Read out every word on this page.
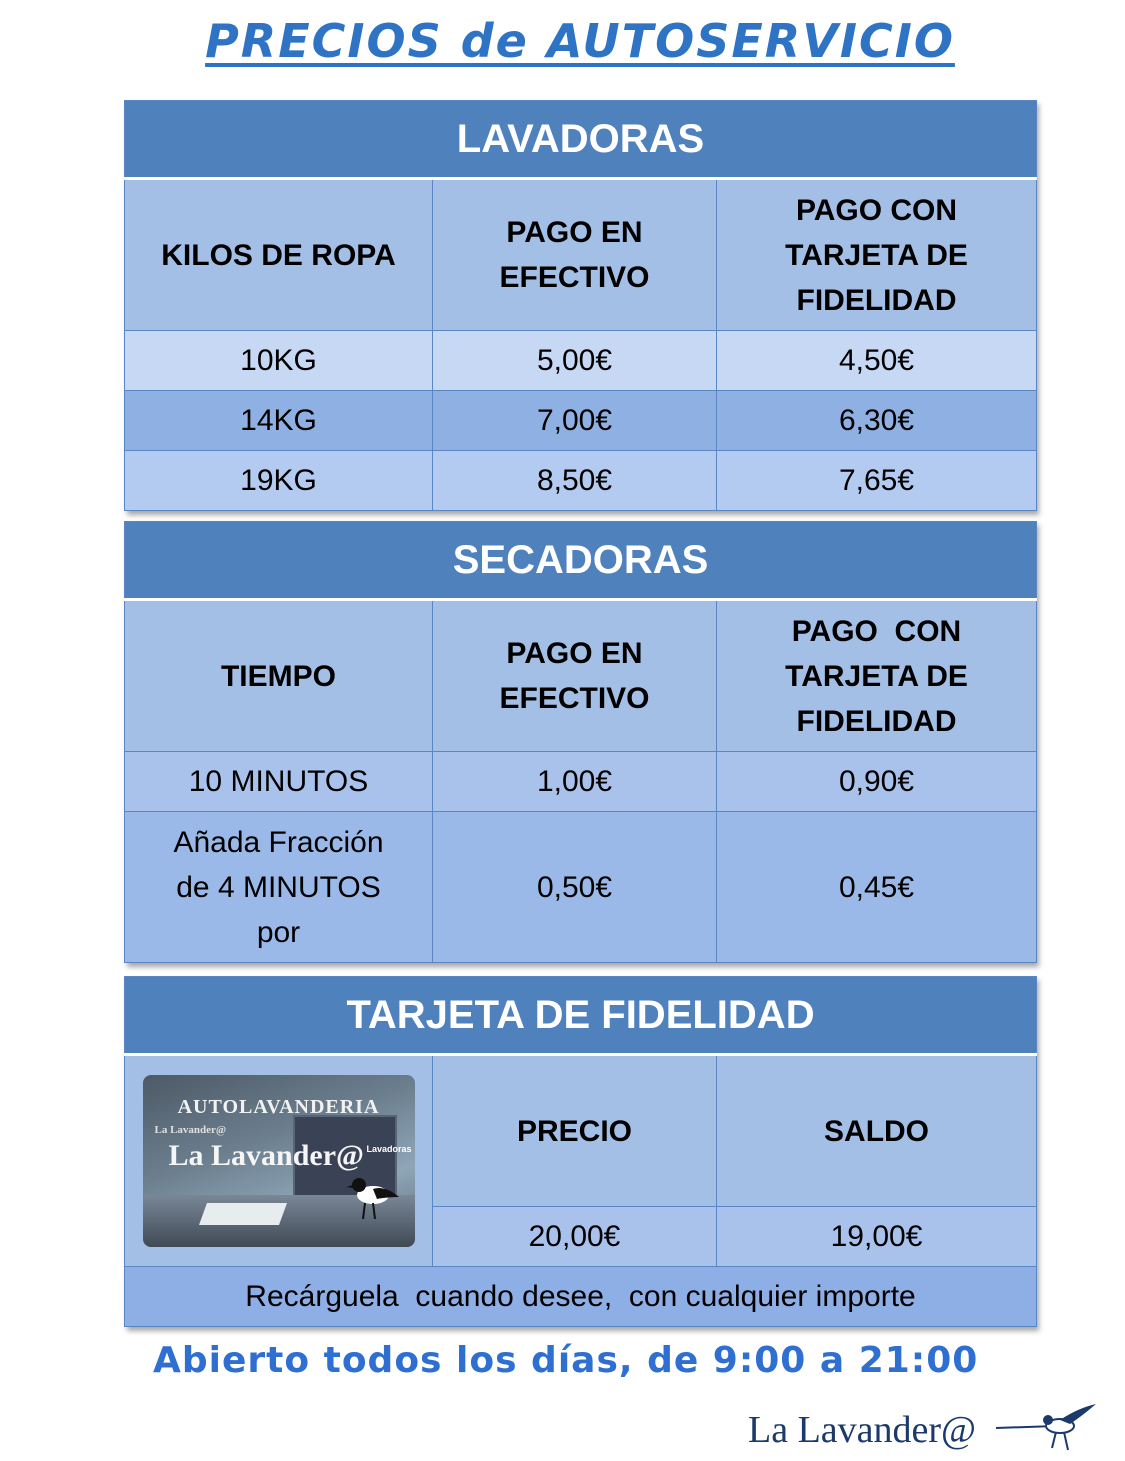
PRECIOS de AUTOSERVICIO
LAVADORAS		
KILOS DE ROPA	PAGO EN EFECTIVO	PAGO CON TARJETA DE FIDELIDAD
10KG	5,00€	4,50€
14KG	7,00€	6,30€
19KG	8,50€	7,65€
SECADORAS		
TIEMPO	PAGO EN EFECTIVO	PAGO  CON TARJETA DE FIDELIDAD
10 MINUTOS	1,00€	0,90€
Añada Fracción de 4 MINUTOS por	0,50€	0,45€
TARJETA DE FIDELIDAD		

AUTOLAVANDERIA
La Lavander@
La Lavander@ Lavadoras	PRECIO	SALDO
	20,00€	19,00€
Recárguela  cuando desee,  con cualquier importe		
Abierto todos los días, de 9:00 a 21:00
La Lavander@
